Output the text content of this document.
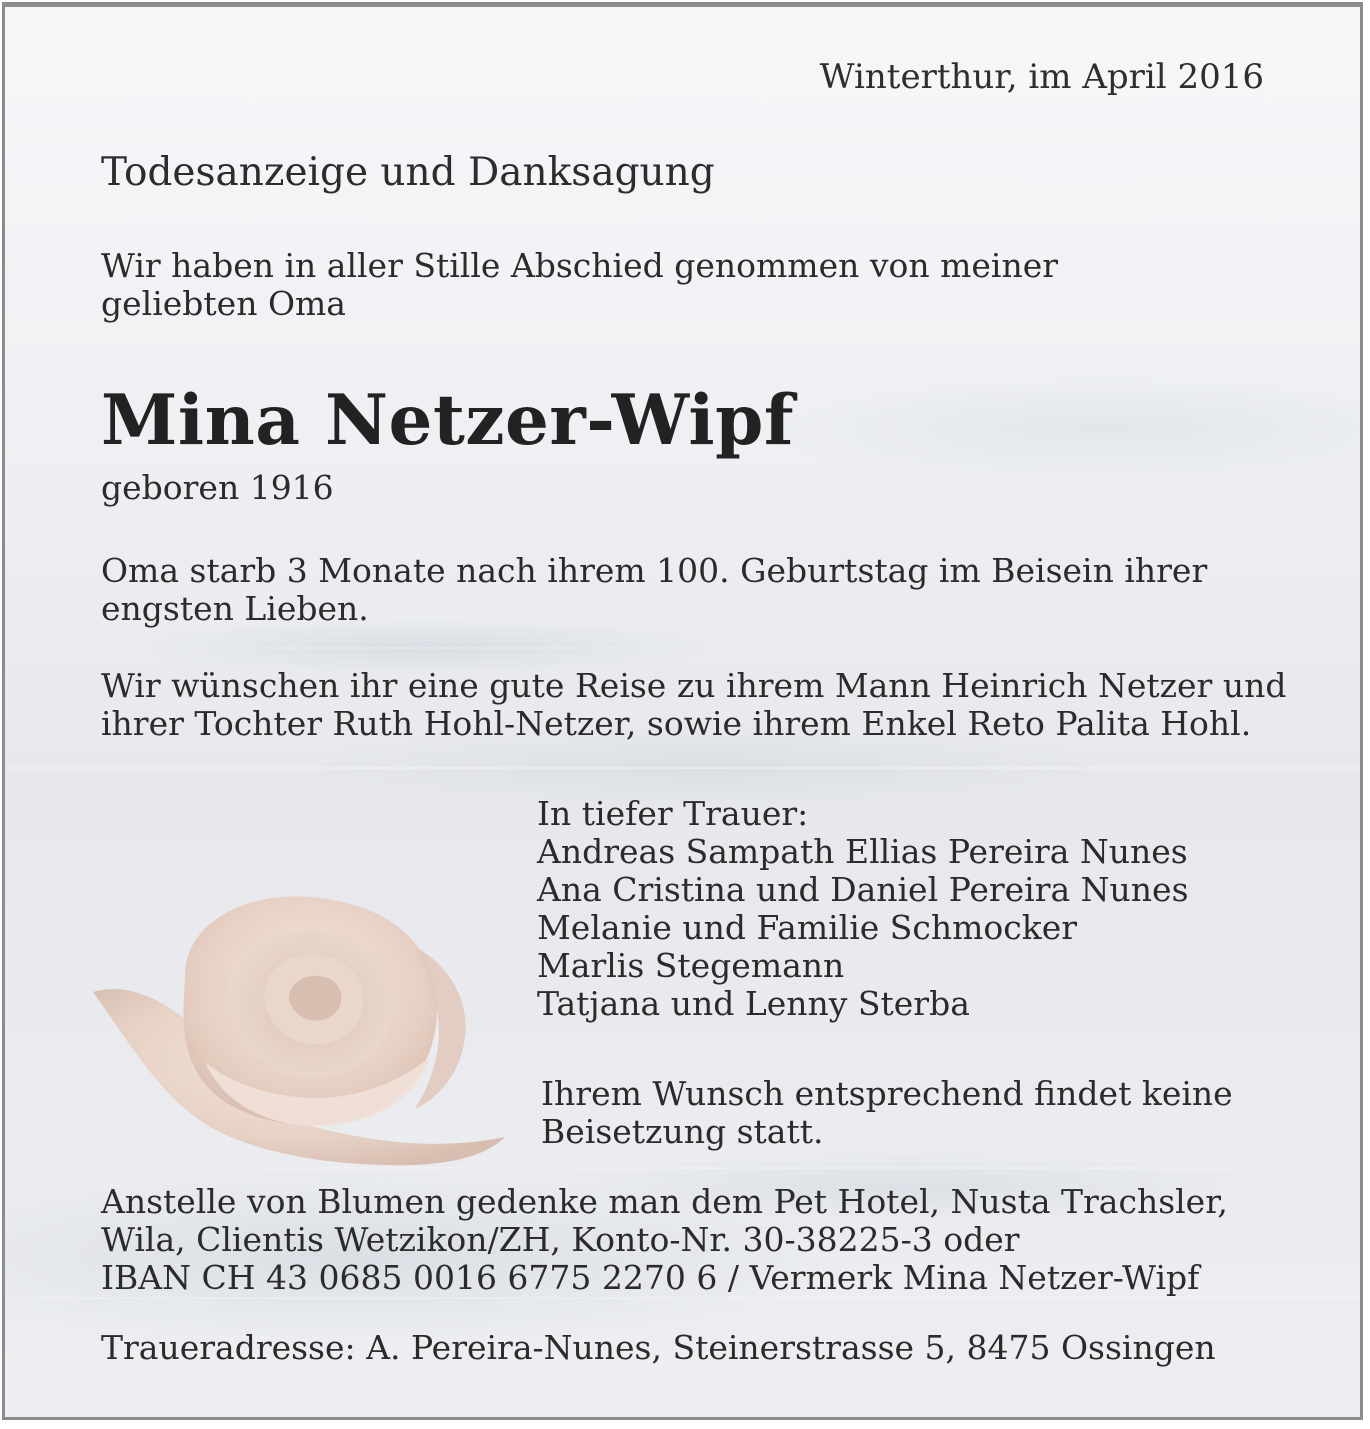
Winterthur, im April 2016

Todesanzeige und Danksagung

Wir haben in aller Stille Abschied genommen von meiner
geliebten Oma
Mina Netzer-Wipf

geboren 1916

Oma starb 3 Monate nach ihrem 100. Geburtstag im Beisein ihrer
engsten Lieben.
Wir wünschen ihr eine gute Reise zu ihrem Mann Heinrich Netzer und
ihrer Tochter Ruth Hohl-Netzer, sowie ihrem Enkel Reto Palita Hohl.
In tiefer Trauer:
Andreas Sampath Ellias Pereira Nunes
Ana Cristina und Daniel Pereira Nunes
Melanie und Familie Schmocker
Marlis Stegemann
Tatjana und Lenny Sterba
Ihrem Wunsch entsprechend findet keine
Beisetzung statt.
Anstelle von Blumen gedenke man dem Pet Hotel, Nusta Trachsler,
Wila, Clientis Wetzikon/ZH, Konto-Nr. 30-38225-3 oder
IBAN CH 43 0685 0016 6775 2270 6 / Vermerk Mina Netzer-Wipf

Traueradresse: A. Pereira-Nunes, Steinerstrasse 5, 8475 Ossingen
